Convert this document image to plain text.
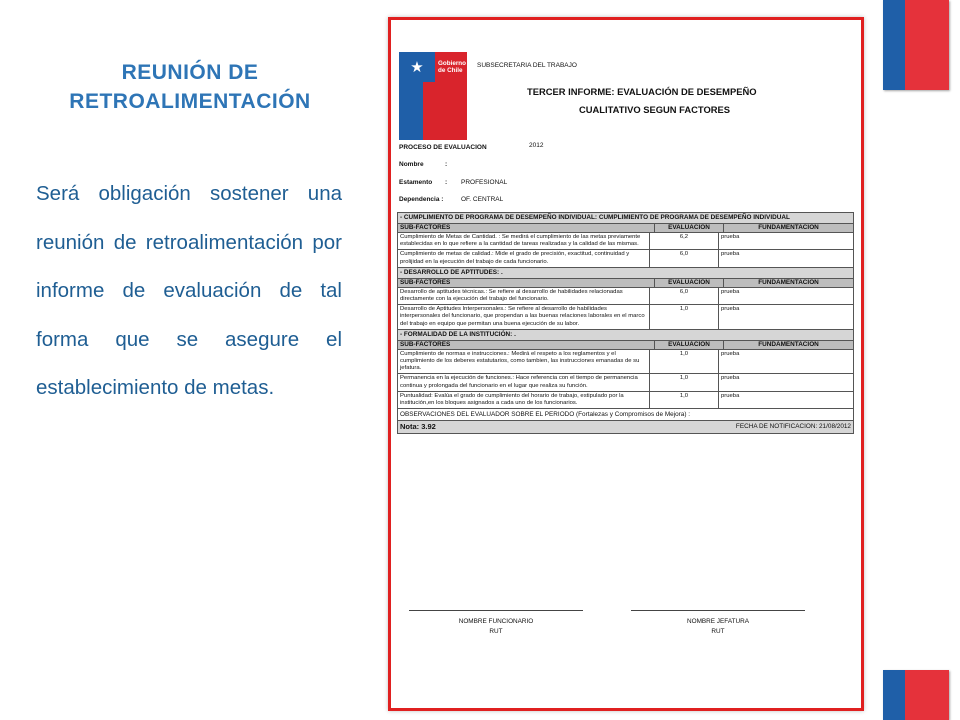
REUNIÓN DE RETROALIMENTACIÓN
Será obligación sostener una reunión de retroalimentación por informe de evaluación de tal forma que se asegure el establecimiento de metas.
★	Gobierno de Chile
SUBSECRETARIA DEL TRABAJO
TERCER INFORME: EVALUACIÓN DE DESEMPEÑO
CUALITATIVO SEGUN FACTORES
PROCESO DE EVALUACION	2012
Nombre	:
Estamento : PROFESIONAL
Dependencia :	OF. CENTRAL
- CUMPLIMIENTO DE PROGRAMA DE DESEMPEÑO INDIVIDUAL: CUMPLIMIENTO DE PROGRAMA DE DESEMPEÑO INDIVIDUAL
SUB-FACTORES	EVALUACION	FUNDAMENTACION
Cumplimiento de Metas de Cantidad. : Se medirá el cumplimiento de las metas previamente establecidas en lo que refiere a la cantidad de tareas realizadas y la calidad de las mismas.
6,2	prueba
Cumplimiento de metas de calidad.: Mide el grado de precisión, exactitud, continuidad y prolijidad en la ejecución del trabajo de cada funcionario.
6,0	prueba
- DESARROLLO DE APTITUDES: .
SUB-FACTORES	EVALUACION	FUNDAMENTACION
Desarrollo de aptitudes técnicas.: Se refiere al desarrollo de habilidades relacionadas directamente con la ejecución del trabajo del funcionario.
6,0	prueba
Desarrollo de Aptitudes Interpersonales.: Se refiere al desarrollo de habilidades interpersonales del funcionario, que propendan a las buenas relaciones laborales en el marco del trabajo en equipo que permitan una buena ejecución de su labor.
1,0	prueba
- FORMALIDAD DE LA INSTITUCIÓN: .
SUB-FACTORES	EVALUACION	FUNDAMENTACION
Cumplimiento de normas e instrucciones.: Medirá el respeto a los reglamentos y el cumplimiento de los deberes estatutarios, como tambien, las instrucciones emanadas de su jefatura.
1,0	prueba
Permanencia en la ejecución de funciones.: Hace referencia con el tiempo de permanencia continua y prolongada del funcionario en el lugar que realiza su función.
1,0	prueba
Puntualidad: Evalúa el grado de cumplimiento del horario de trabajo, estipulado por la institución,en los bloques asignados a cada uno de los funcionarios.
1,0	prueba
OBSERVACIONES DEL EVALUADOR SOBRE EL PERIODO (Fortalezas y Compromisos de Mejora) :
Nota: 3.92	FECHA DE NOTIFICACION: 21/08/2012
NOMBRE FUNCIONARIO
RUT
NOMBRE JEFATURA
RUT
